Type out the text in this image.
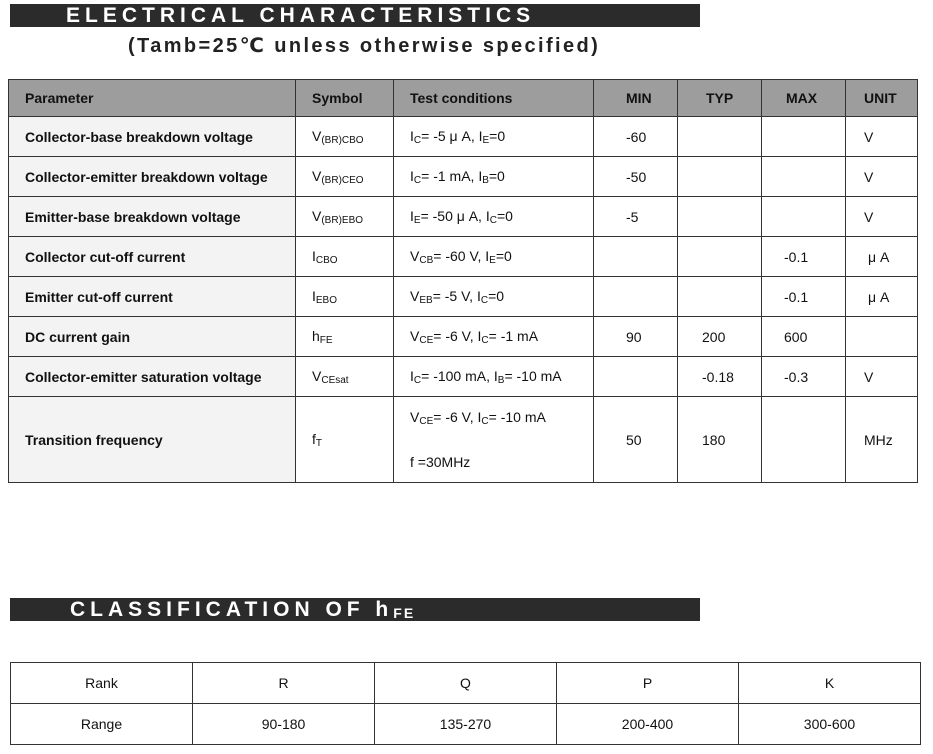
ELECTRICAL CHARACTERISTICS
(Tamb=25℃ unless otherwise specified)
Parameter	Symbol	Test conditions	MIN	TYP	MAX	UNIT
Collector-base breakdown voltage	$V_{(BR)CBO}$	$I_C= -5$ μ A, $I_E=0$	-60			V
Collector-emitter breakdown voltage	$V_{(BR)CEO}$	$I_C= -1$ mA, $I_B=0$	-50			V
Emitter-base breakdown voltage	$V_{(BR)EBO}$	$I_E= -50$ μ A, $I_C=0$	-5			V
Collector cut-off current	$I_{CBO}$	$V_{CB}= -60$ V, $I_E=0$			-0.1	μ A
Emitter cut-off current	$I_{EBO}$	$V_{EB}= -5$ V, $I_C=0$			-0.1	μ A
DC current gain	$h_{FE}$	$V_{CE}= -6$ V, $I_C= -1$ mA	90	200	600	
Collector-emitter saturation voltage	$V_{CEsat}$	$I_C= -100$ mA, $I_B= -10$ mA		-0.18	-0.3	V
Transition frequency	$f_T$	$V_{CE}= -6$ V, $I_C= -10$ mA
f =30MHz	50	180		MHz
CLASSIFICATION OF h FE
Rank	R	Q	P	K
Range	90-180	135-270	200-400	300-600
